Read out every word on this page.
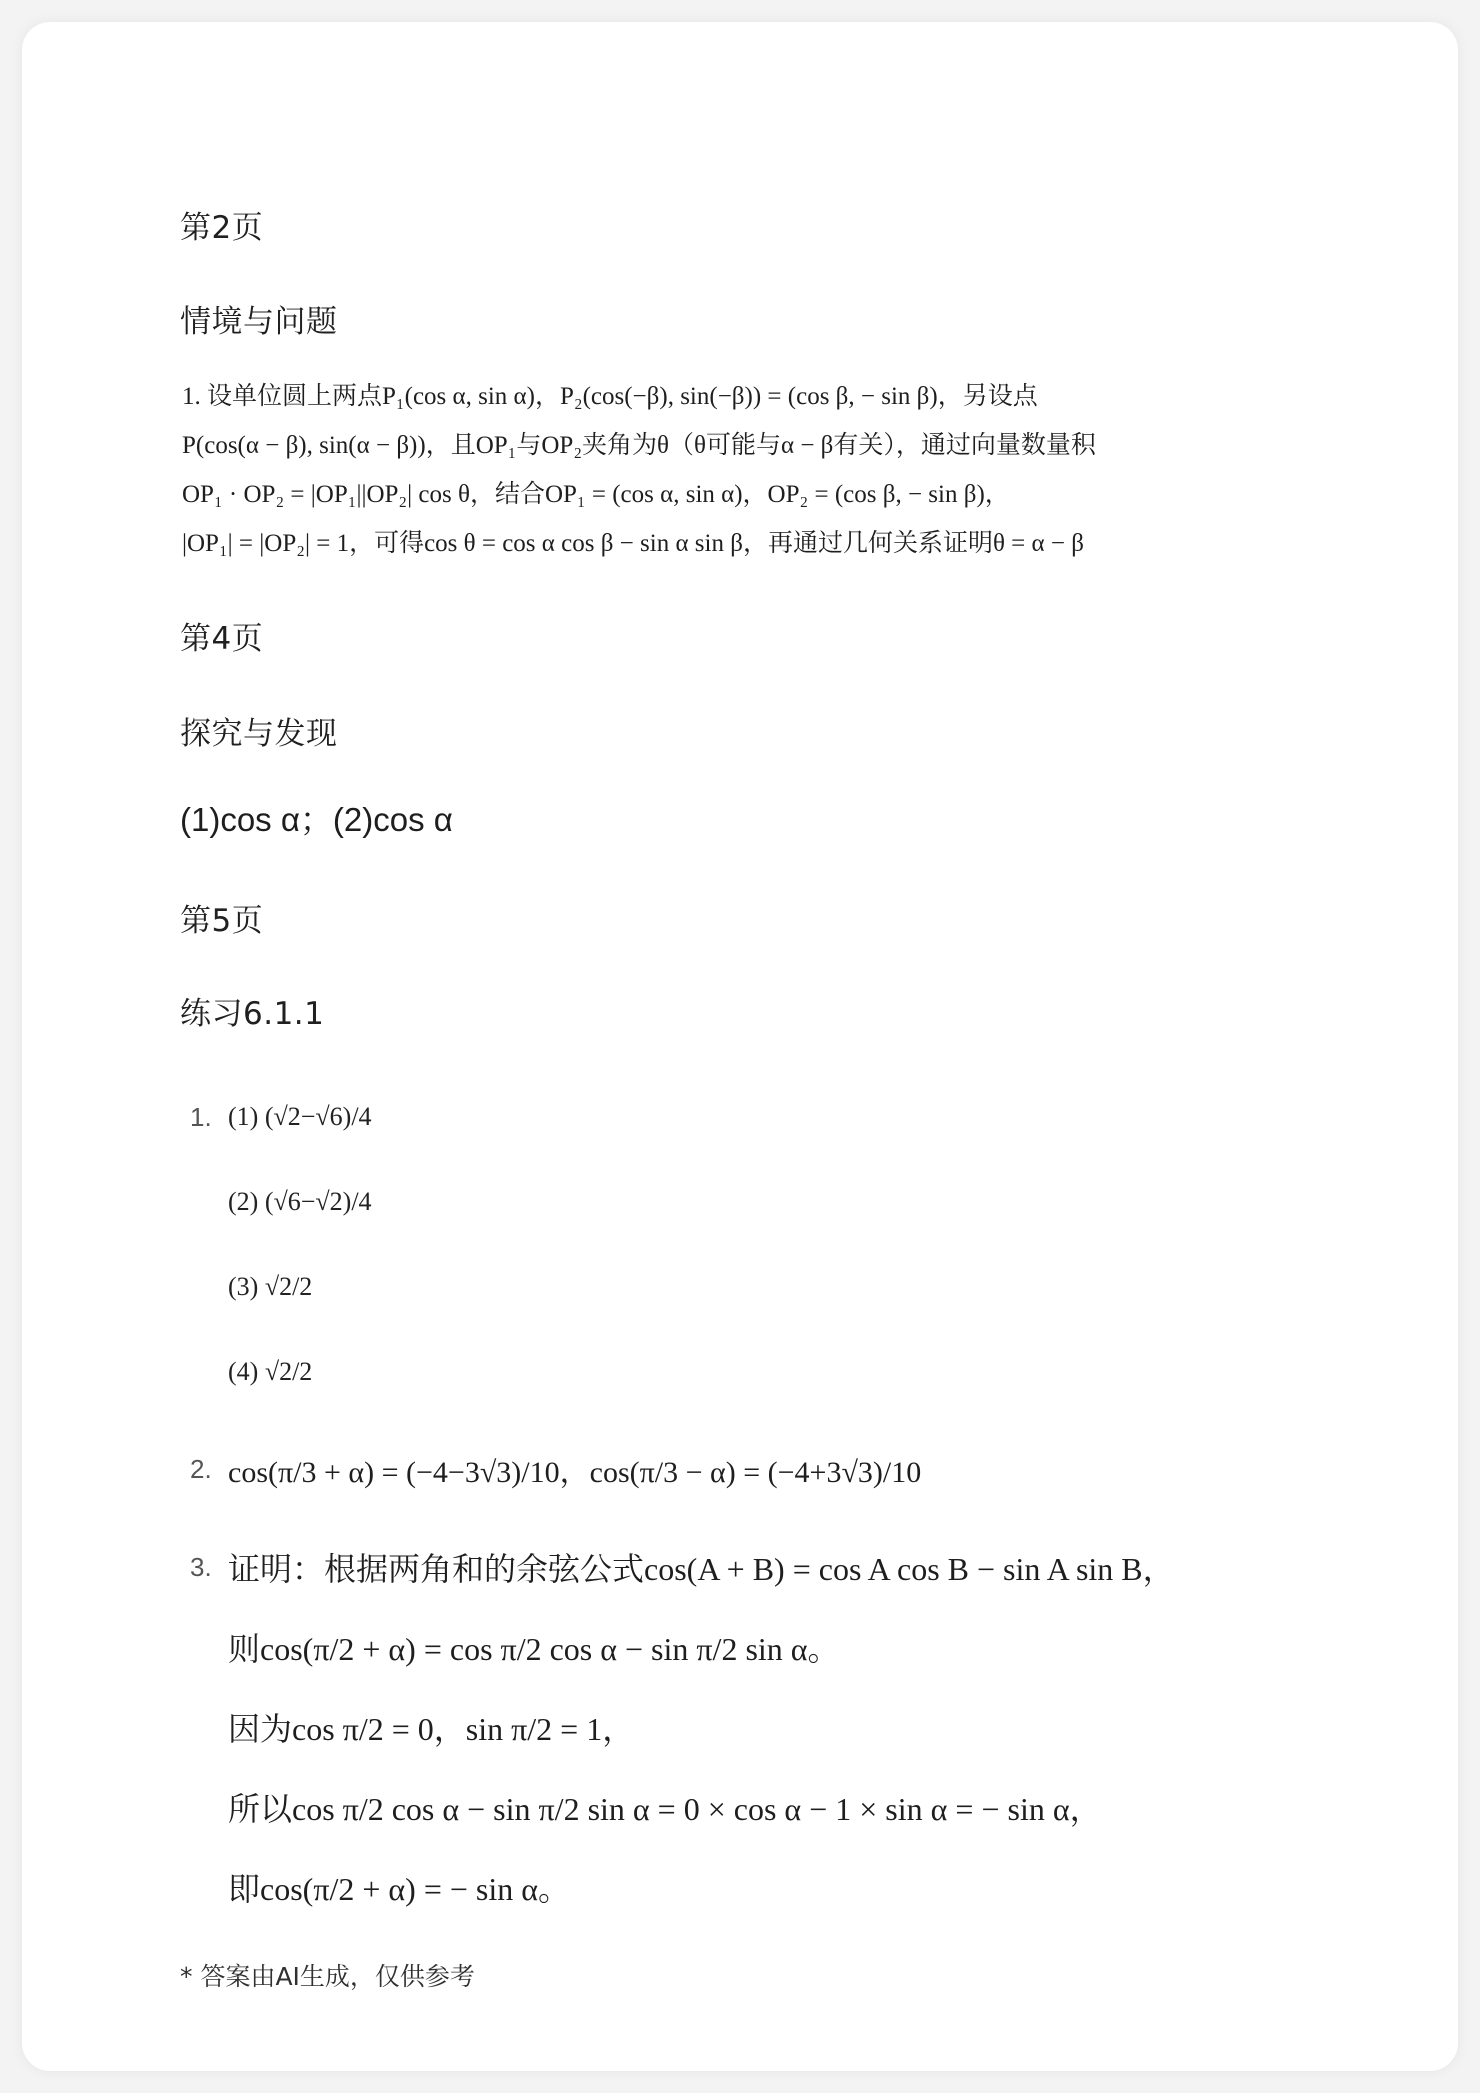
第2页
情境与问题
1. 设单位圆上两点P₁(cos α, sin α)，P₂(cos(−β), sin(−β)) = (cos β, − sin β)，另设点
P(cos(α − β), sin(α − β))，且OP₁与OP₂夹角为θ（θ可能与α − β有关），通过向量数量积
OP₁ · OP₂ = |OP₁||OP₂| cos θ，结合OP₁ = (cos α, sin α)，OP₂ = (cos β, − sin β)，
|OP₁| = |OP₂| = 1，可得cos θ = cos α cos β − sin α sin β，再通过几何关系证明θ = α − β
第4页
探究与发现
(1)cos α；(2)cos α
第5页
练习6.1.1
1. (1) (√2−√6)/4
(2) (√6−√2)/4
(3) √2/2
(4) √2/2
2. cos(π/3 + α) = (−4−3√3)/10，cos(π/3 − α) = (−4+3√3)/10
3. 证明：根据两角和的余弦公式cos(A + B) = cos A cos B − sin A sin B，
则cos(π/2 + α) = cos π/2 cos α − sin π/2 sin α。
因为cos π/2 = 0，sin π/2 = 1，
所以cos π/2 cos α − sin π/2 sin α = 0 × cos α − 1 × sin α = − sin α，
即cos(π/2 + α) = − sin α。
* 答案由AI生成，仅供参考
